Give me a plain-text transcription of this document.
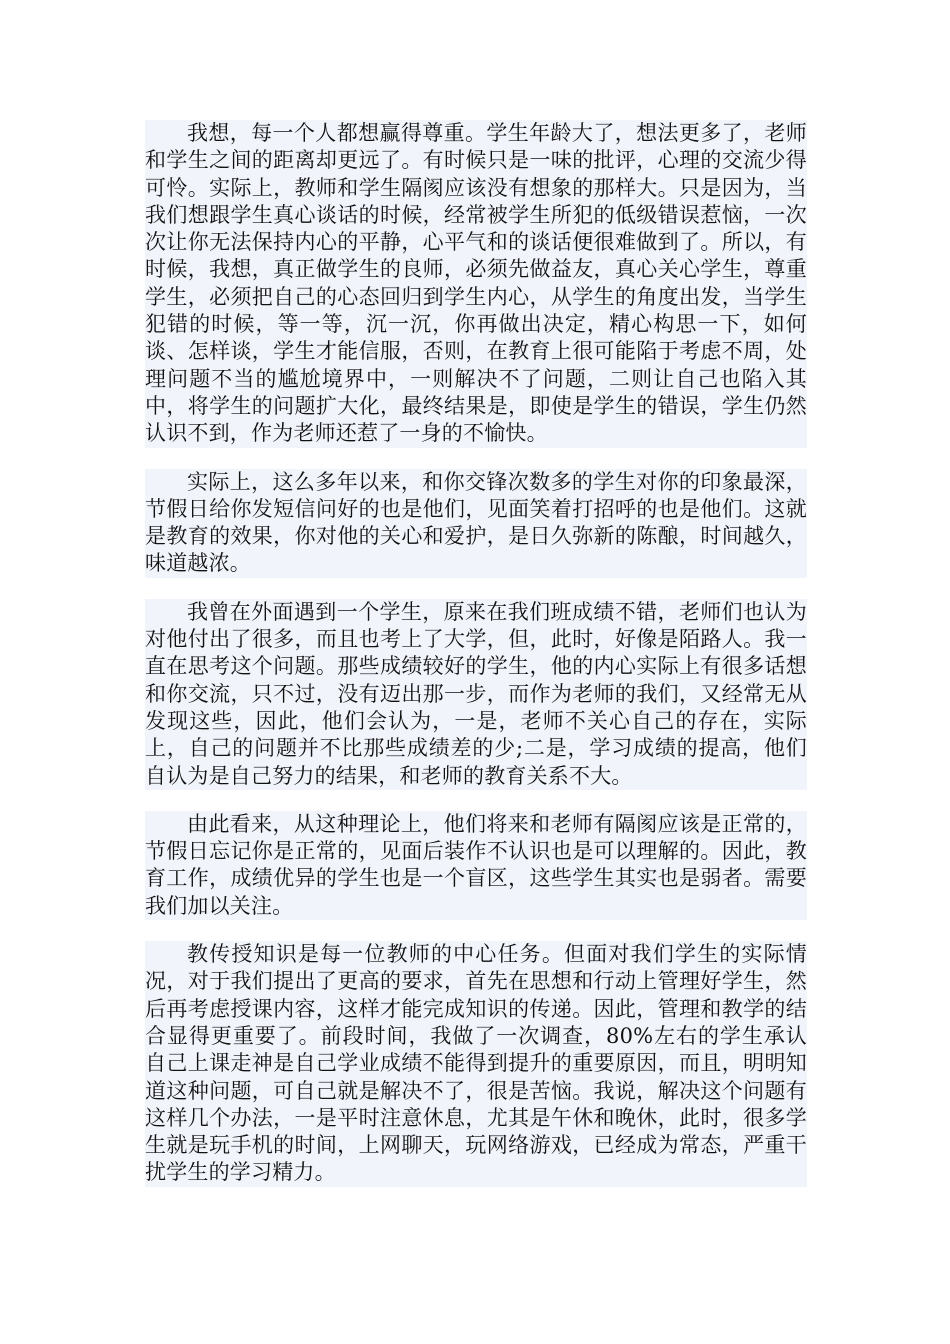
我想，每一个人都想赢得尊重。学生年龄大了，想法更多了，老师和学生之间的距离却更远了。有时候只是一味的批评，心理的交流少得可怜。实际上，教师和学生隔阂应该没有想象的那样大。只是因为，当我们想跟学生真心谈话的时候，经常被学生所犯的低级错误惹恼，一次次让你无法保持内心的平静，心平气和的谈话便很难做到了。所以，有时候，我想，真正做学生的良师，必须先做益友，真心关心学生，尊重学生，必须把自己的心态回归到学生内心，从学生的角度出发，当学生犯错的时候，等一等，沉一沉，你再做出决定，精心构思一下，如何谈、怎样谈，学生才能信服，否则，在教育上很可能陷于考虑不周，处理问题不当的尴尬境界中，一则解决不了问题，二则让自己也陷入其中，将学生的问题扩大化，最终结果是，即使是学生的错误，学生仍然认识不到，作为老师还惹了一身的不愉快。

实际上，这么多年以来，和你交锋次数多的学生对你的印象最深，节假日给你发短信问好的也是他们，见面笑着打招呼的也是他们。这就是教育的效果，你对他的关心和爱护，是日久弥新的陈酿，时间越久，味道越浓。

我曾在外面遇到一个学生，原来在我们班成绩不错，老师们也认为对他付出了很多，而且也考上了大学，但，此时，好像是陌路人。我一直在思考这个问题。那些成绩较好的学生，他的内心实际上有很多话想和你交流，只不过，没有迈出那一步，而作为老师的我们，又经常无从发现这些，因此，他们会认为，一是，老师不关心自己的存在，实际上，自己的问题并不比那些成绩差的少;二是，学习成绩的提高，他们自认为是自己努力的结果，和老师的教育关系不大。

由此看来，从这种理论上，他们将来和老师有隔阂应该是正常的，节假日忘记你是正常的，见面后装作不认识也是可以理解的。因此，教育工作，成绩优异的学生也是一个盲区，这些学生其实也是弱者。需要我们加以关注。

教传授知识是每一位教师的中心任务。但面对我们学生的实际情况，对于我们提出了更高的要求，首先在思想和行动上管理好学生，然后再考虑授课内容，这样才能完成知识的传递。因此，管理和教学的结合显得更重要了。前段时间，我做了一次调查，80%左右的学生承认自己上课走神是自己学业成绩不能得到提升的重要原因，而且，明明知道这种问题，可自己就是解决不了，很是苦恼。我说，解决这个问题有这样几个办法，一是平时注意休息，尤其是午休和晚休，此时，很多学生就是玩手机的时间，上网聊天，玩网络游戏，已经成为常态，严重干扰学生的学习精力。
